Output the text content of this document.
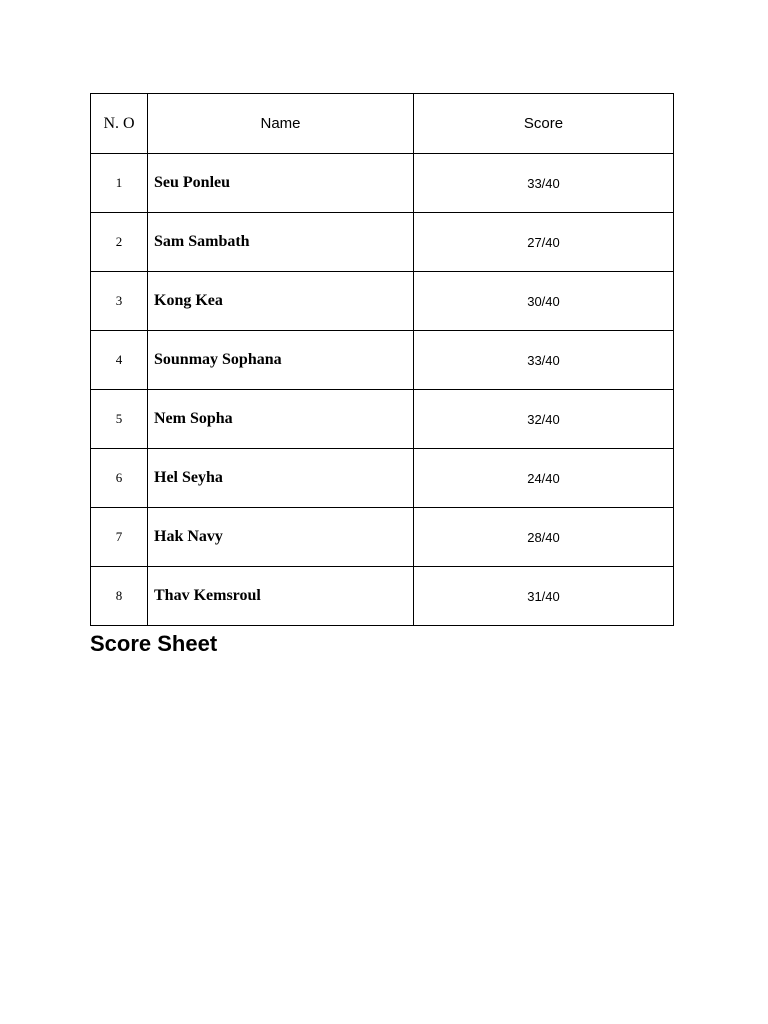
N. O	Name	Score
1	Seu Ponleu	33/40
2	Sam Sambath	27/40
3	Kong Kea	30/40
4	Sounmay Sophana	33/40
5	Nem Sopha	32/40
6	Hel Seyha	24/40
7	Hak Navy	28/40
8	Thav Kemsroul	31/40
Score Sheet
